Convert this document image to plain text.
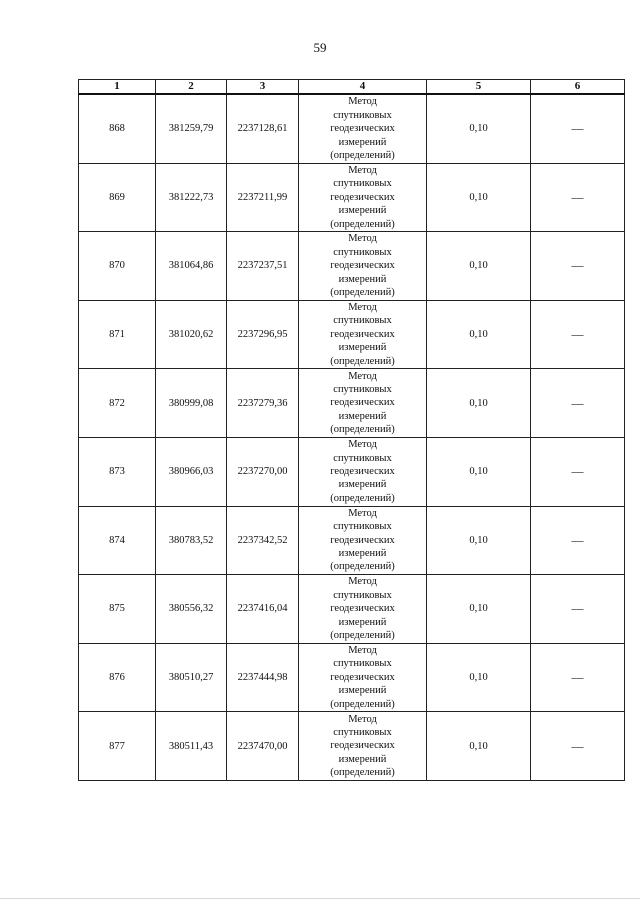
59
1	2	3	4	5	6
868	381259,79	2237128,61	Метод
спутниковых
геодезических
измерений
(определений)	0,10	—
869	381222,73	2237211,99	Метод
спутниковых
геодезических
измерений
(определений)	0,10	—
870	381064,86	2237237,51	Метод
спутниковых
геодезических
измерений
(определений)	0,10	—
871	381020,62	2237296,95	Метод
спутниковых
геодезических
измерений
(определений)	0,10	—
872	380999,08	2237279,36	Метод
спутниковых
геодезических
измерений
(определений)	0,10	—
873	380966,03	2237270,00	Метод
спутниковых
геодезических
измерений
(определений)	0,10	—
874	380783,52	2237342,52	Метод
спутниковых
геодезических
измерений
(определений)	0,10	—
875	380556,32	2237416,04	Метод
спутниковых
геодезических
измерений
(определений)	0,10	—
876	380510,27	2237444,98	Метод
спутниковых
геодезических
измерений
(определений)	0,10	—
877	380511,43	2237470,00	Метод
спутниковых
геодезических
измерений
(определений)	0,10	—
